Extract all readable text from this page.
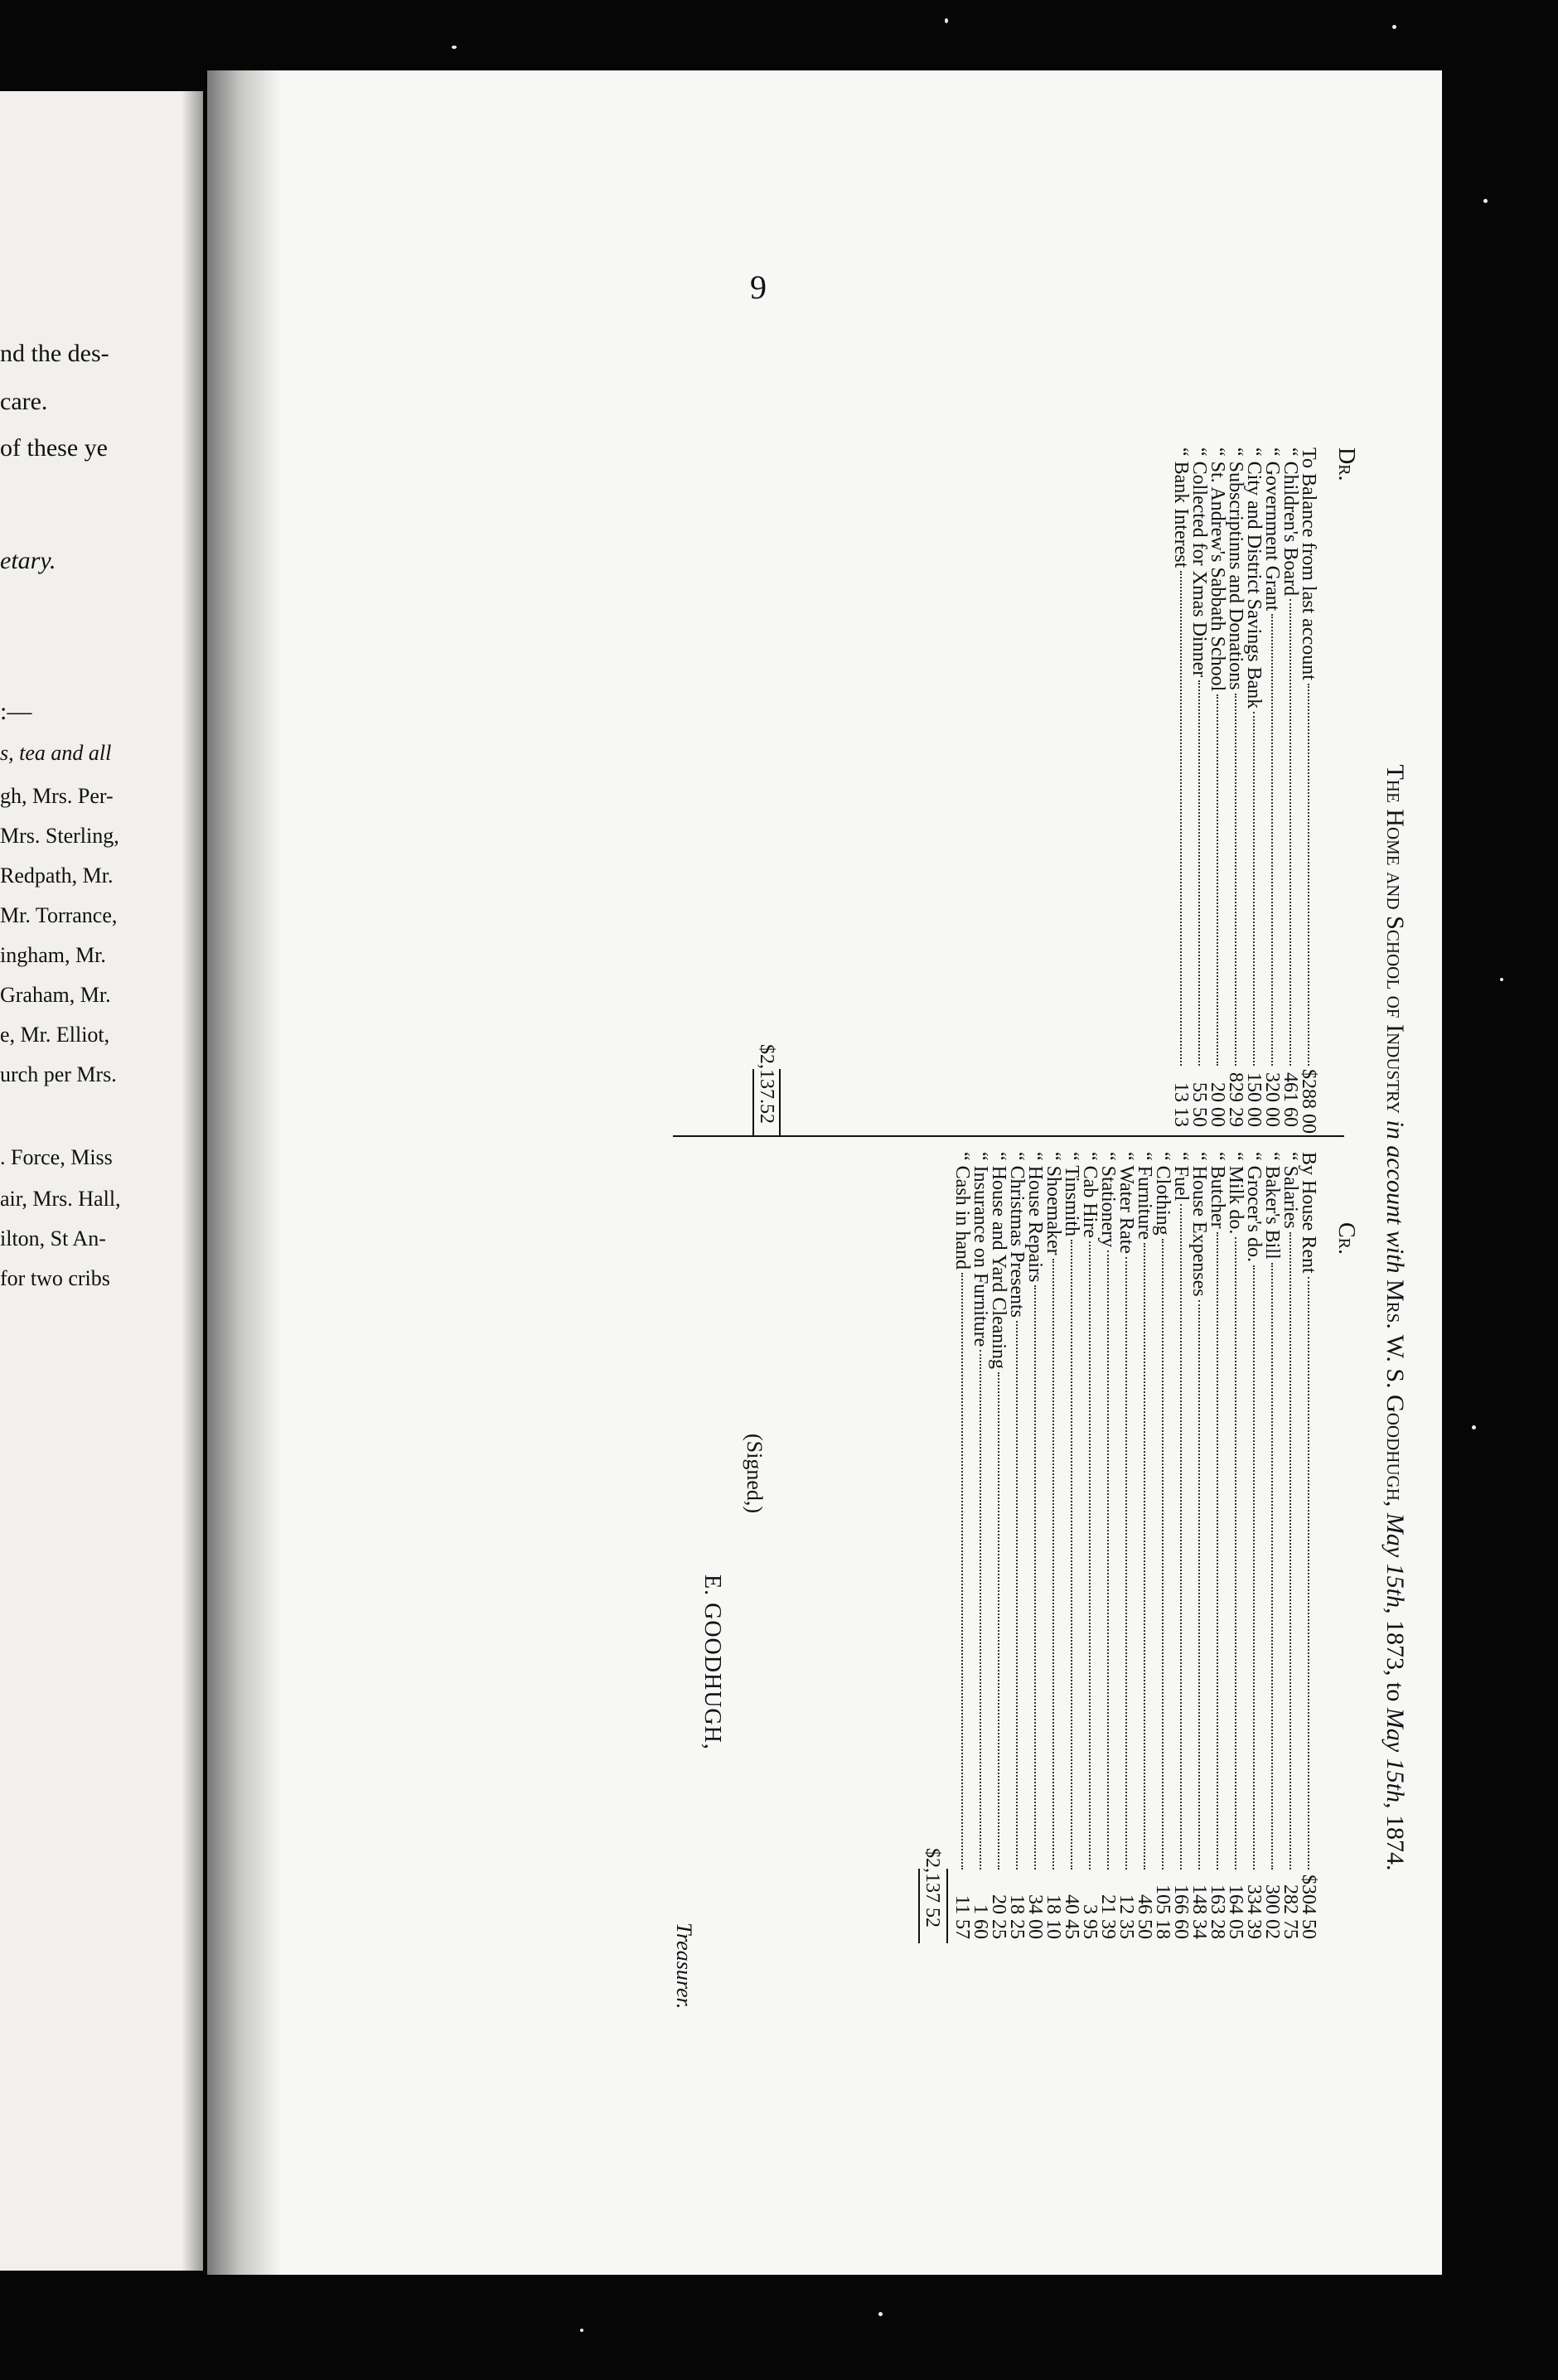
nd the des-
care.
of these ye
etary.
:—
s, tea and all
gh, Mrs. Per-
Mrs. Sterling,
Redpath, Mr.
Mr. Torrance,
ingham, Mr.
Graham, Mr.
e, Mr. Elliot,
urch per Mrs.
. Force, Miss
air, Mrs. Hall,
ilton, St An-
for two cribs
9
The Home and School of Industry in account with Mrs. W. S. Goodhugh, May 15th, 1873, to May 15th, 1874.
Dr.
Cr.
To Balance from last account
$288 00
“ Children's Board
461 60
“ Government Grant
320 00
“ City and District Savings Bank
150 00
“ Subscriptinns and Donations
829 29
“ St. Andrew's Sabbath School
20 00
“ Collected for Xmas Dinner
55 50
“ Bank Interest
13 13
$2,137.52
By House Rent
$304 50
“ Salaries
282 75
“ Baker's Bill
300 02
“ Grocer's do.
334 39
“ Milk do.
164 05
“ Butcher
163 28
“ House Expenses
148 34
“ Fuel
166 60
“ Clothing
105 18
“ Furniture
46 50
“ Water Rate
12 35
“ Stationery
21 39
“ Cab Hire
3 95
“ Tinsmith
40 45
“ Shoemaker
18 10
“ House Repairs
34 00
“ Christmas Presents
18 25
“ House and Yard Cleaning
20 25
“ Insurance on Furniture
1 60
“ Cash in hand
11 57
$2,137 52
(Signed,)
E. GOODHUGH,
Treasurer.
